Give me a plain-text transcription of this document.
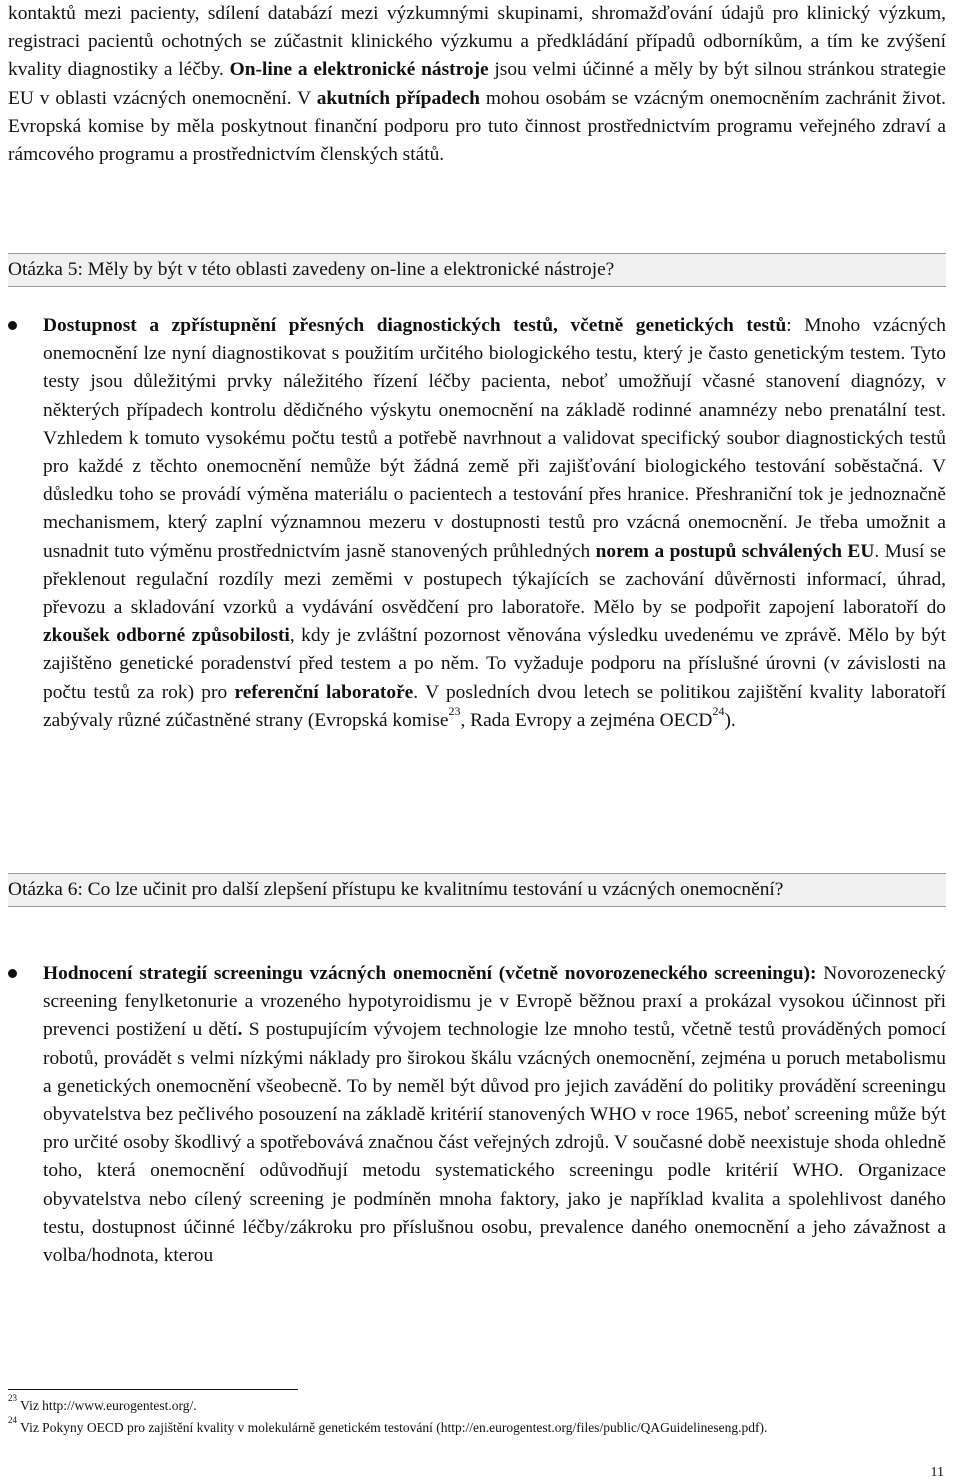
kontaktů mezi pacienty, sdílení databází mezi výzkumnými skupinami, shromažďování údajů pro klinický výzkum, registraci pacientů ochotných se zúčastnit klinického výzkumu a předkládání případů odborníkům, a tím ke zvýšení kvality diagnostiky a léčby. On-line a elektronické nástroje jsou velmi účinné a měly by být silnou stránkou strategie EU v oblasti vzácných onemocnění. V akutních případech mohou osobám se vzácným onemocněním zachránit život. Evropská komise by měla poskytnout finanční podporu pro tuto činnost prostřednictvím programu veřejného zdraví a rámcového programu a prostřednictvím členských států.

Otázka 5: Měly by být v této oblasti zavedeny on-line a elektronické nástroje?

Dostupnost a zpřístupnění přesných diagnostických testů, včetně genetických testů: Mnoho vzácných onemocnění lze nyní diagnostikovat s použitím určitého biologického testu, který je často genetickým testem. Tyto testy jsou důležitými prvky náležitého řízení léčby pacienta, neboť umožňují včasné stanovení diagnózy, v některých případech kontrolu dědičného výskytu onemocnění na základě rodinné anamnézy nebo prenatální test. Vzhledem k tomuto vysokému počtu testů a potřebě navrhnout a validovat specifický soubor diagnostických testů pro každé z těchto onemocnění nemůže být žádná země při zajišťování biologického testování soběstačná. V důsledku toho se provádí výměna materiálu o pacientech a testování přes hranice. Přeshraniční tok je jednoznačně mechanismem, který zaplní významnou mezeru v dostupnosti testů pro vzácná onemocnění. Je třeba umožnit a usnadnit tuto výměnu prostřednictvím jasně stanovených průhledných norem a postupů schválených EU. Musí se překlenout regulační rozdíly mezi zeměmi v postupech týkajících se zachování důvěrnosti informací, úhrad, převozu a skladování vzorků a vydávání osvědčení pro laboratoře. Mělo by se podpořit zapojení laboratoří do zkoušek odborné způsobilosti, kdy je zvláštní pozornost věnována výsledku uvedenému ve zprávě. Mělo by být zajištěno genetické poradenství před testem a po něm. To vyžaduje podporu na příslušné úrovni (v závislosti na počtu testů za rok) pro referenční laboratoře. V posledních dvou letech se politikou zajištění kvality laboratoří zabývaly různé zúčastněné strany (Evropská komise$^{23}$, Rada Evropy a zejména OECD$^{24}$).

Otázka 6: Co lze učinit pro další zlepšení přístupu ke kvalitnímu testování u vzácných onemocnění?

Hodnocení strategií screeningu vzácných onemocnění (včetně novorozeneckého screeningu): Novorozenecký screening fenylketonurie a vrozeného hypotyroidismu je v Evropě běžnou praxí a prokázal vysokou účinnost při prevenci postižení u dětí. S postupujícím vývojem technologie lze mnoho testů, včetně testů prováděných pomocí robotů, provádět s velmi nízkými náklady pro širokou škálu vzácných onemocnění, zejména u poruch metabolismu a genetických onemocnění všeobecně. To by neměl být důvod pro jejich zavádění do politiky provádění screeningu obyvatelstva bez pečlivého posouzení na základě kritérií stanovených WHO v roce 1965, neboť screening může být pro určité osoby škodlivý a spotřebovává značnou část veřejných zdrojů. V současné době neexistuje shoda ohledně toho, která onemocnění odůvodňují metodu systematického screeningu podle kritérií WHO. Organizace obyvatelstva nebo cílený screening je podmíněn mnoha faktory, jako je například kvalita a spolehlivost daného testu, dostupnost účinné léčby/zákroku pro příslušnou osobu, prevalence daného onemocnění a jeho závažnost a volba/hodnota, kterou

$^{23}$ Viz http://www.eurogentest.org/.
$^{24}$ Viz Pokyny OECD pro zajištění kvality v molekulárně genetickém testování (http://en.eurogentest.org/files/public/QAGuidelineseng.pdf).
11
